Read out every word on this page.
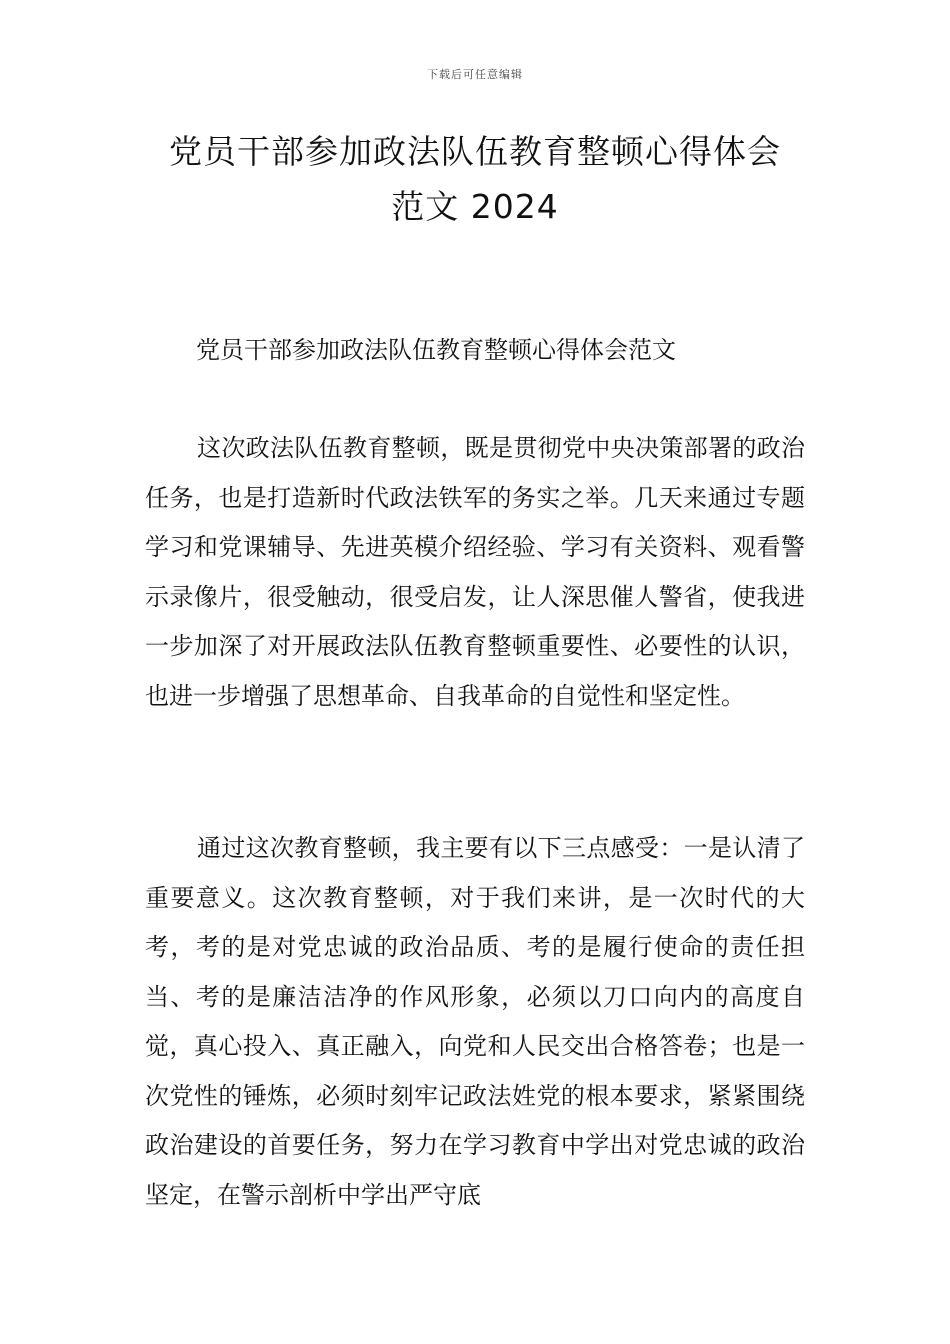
下载后可任意编辑
党员干部参加政法队伍教育整顿心得体会
范文 2024

党员干部参加政法队伍教育整顿心得体会范文

这次政法队伍教育整顿，既是贯彻党中央决策部署的政治任务，也是打造新时代政法铁军的务实之举。几天来通过专题学习和党课辅导、先进英模介绍经验、学习有关资料、观看警示录像片，很受触动，很受启发，让人深思催人警省，使我进一步加深了对开展政法队伍教育整顿重要性、必要性的认识，也进一步增强了思想革命、自我革命的自觉性和坚定性。

通过这次教育整顿，我主要有以下三点感受：一是认清了重要意义。这次教育整顿，对于我们来讲，是一次时代的大考，考的是对党忠诚的政治品质、考的是履行使命的责任担当、考的是廉洁洁净的作风形象，必须以刀口向内的高度自觉，真心投入、真正融入，向党和人民交出合格答卷；也是一次党性的锤炼，必须时刻牢记政法姓党的根本要求，紧紧围绕政治建设的首要任务，努力在学习教育中学出对党忠诚的政治坚定，在警示剖析中学出严守底
